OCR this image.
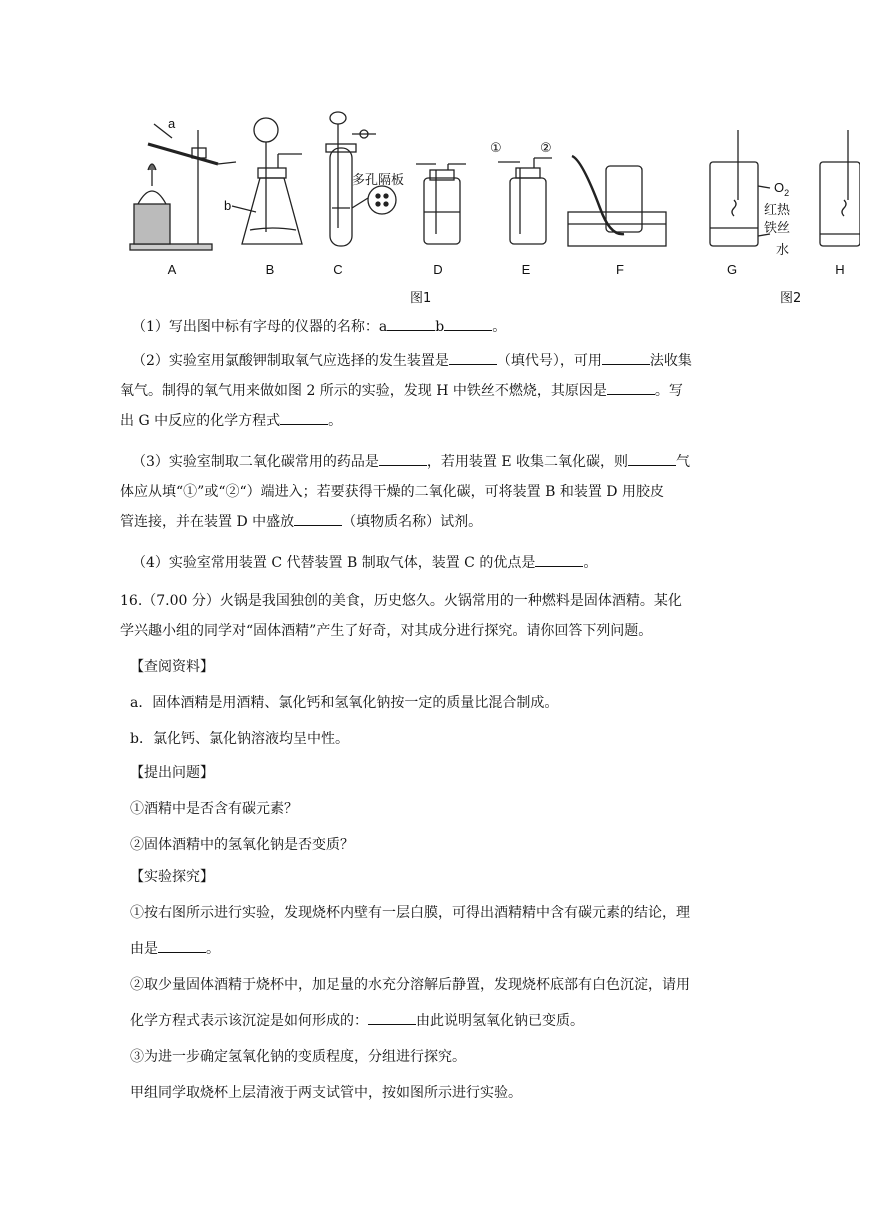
a
b
①	②
多孔隔板	$O_2$
红热
铁丝
水
A	B	C	D	E	F	G	H
图1	图2

（1）写出图中标有字母的仪器的名称：a	b	。

（2）实验室用氯酸钾制取氧气应选择的发生装置是	（填代号），可用	法收集

氧气。制得的氧气用来做如图 2 所示的实验，发现 H 中铁丝不燃烧，其原因是	。写

出 G 中反应的化学方程式	。

（3）实验室制取二氧化碳常用的药品是	，若用装置 E 收集二氧化碳，则	气

体应从填“①”或“②“）端进入；若要获得干燥的二氧化碳，可将装置 B 和装置 D 用胶皮

管连接，并在装置 D 中盛放	（填物质名称）试剂。

（4）实验室常用装置 C 代替装置 B 制取气体，装置 C 的优点是	。

16.（7.00 分）火锅是我国独创的美食，历史悠久。火锅常用的一种燃料是固体酒精。某化

学兴趣小组的同学对“固体酒精”产生了好奇，对其成分进行探究。请你回答下列问题。

【查阅资料】

a．固体酒精是用酒精、氯化钙和氢氧化钠按一定的质量比混合制成。

b．氯化钙、氯化钠溶液均呈中性。

【提出问题】

①酒精中是否含有碳元素？

②固体酒精中的氢氧化钠是否变质？

【实验探究】

①按右图所示进行实验，发现烧杯内壁有一层白膜，可得出酒精精中含有碳元素的结论，理

由是	。

②取少量固体酒精于烧杯中，加足量的水充分溶解后静置，发现烧杯底部有白色沉淀，请用

化学方程式表示该沉淀是如何形成的：	由此说明氢氧化钠已变质。

③为进一步确定氢氧化钠的变质程度，分组进行探究。

甲组同学取烧杯上层清液于两支试管中，按如图所示进行实验。
